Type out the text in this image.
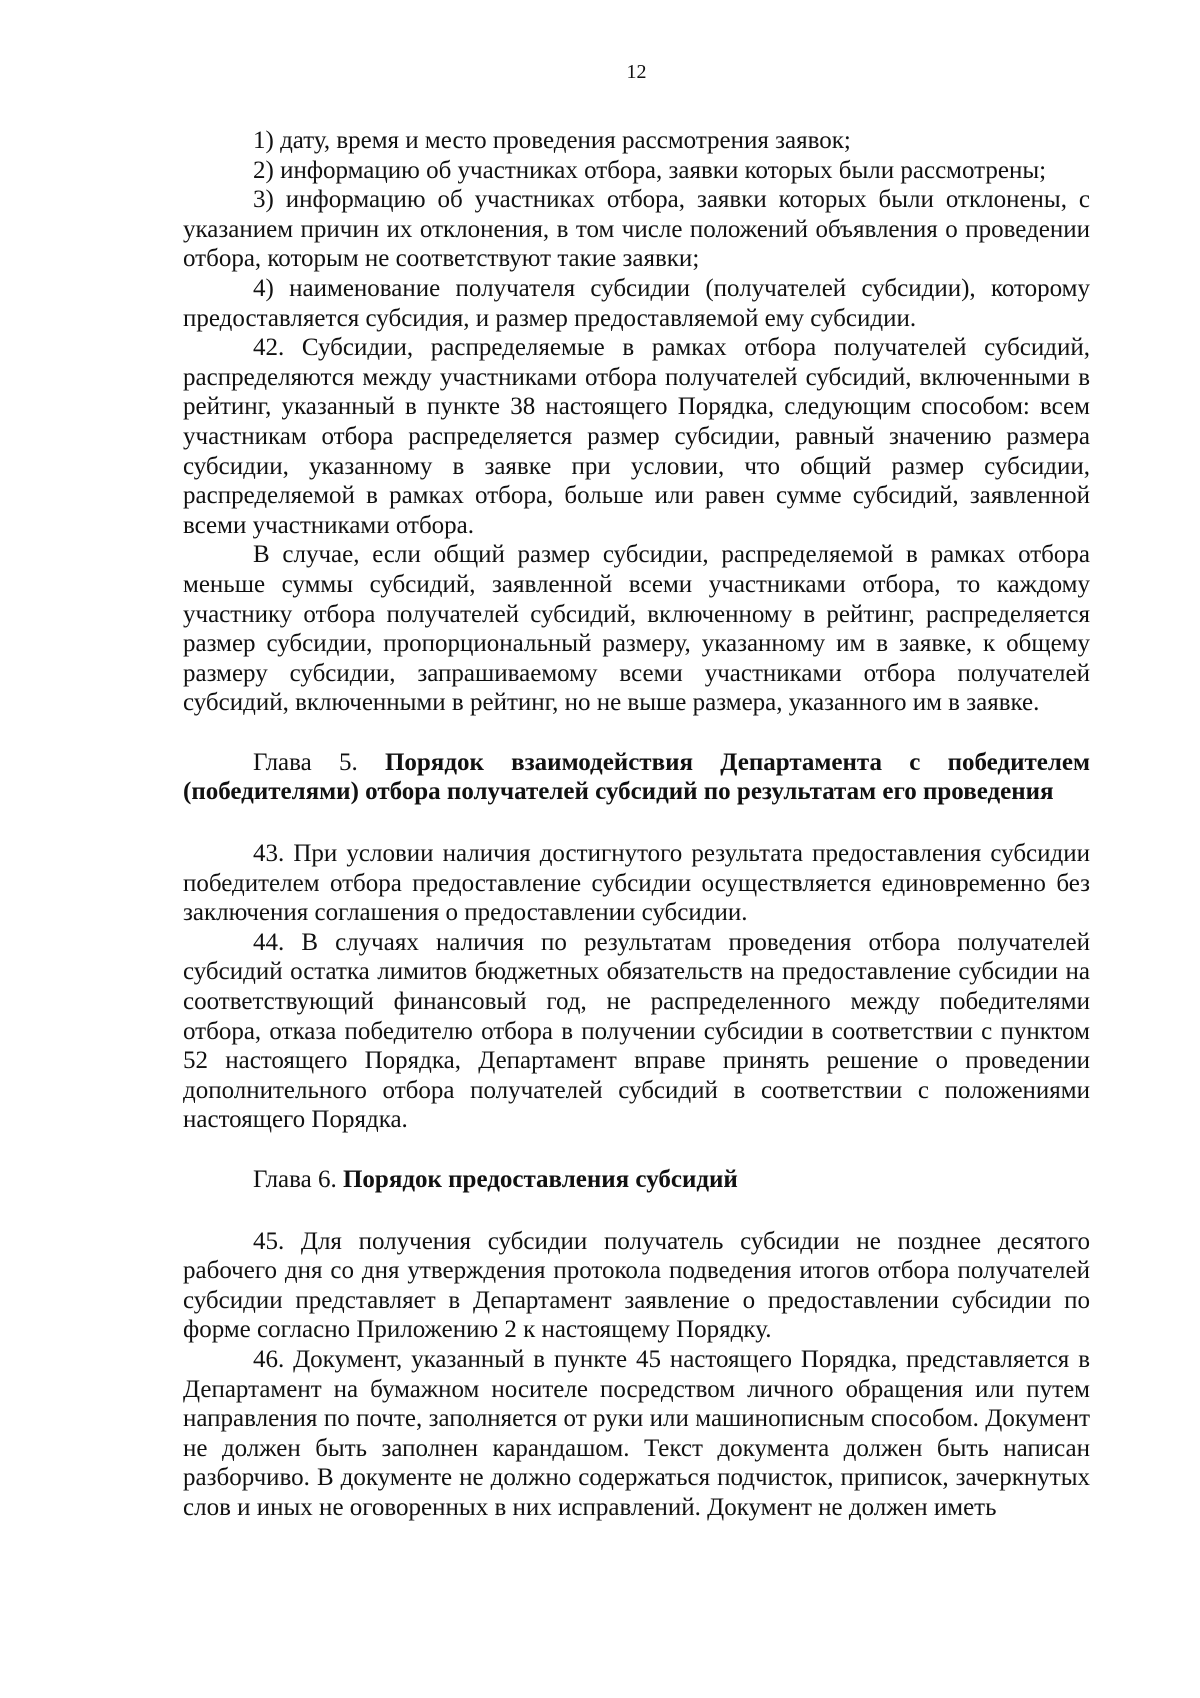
12

1) дату, время и место проведения рассмотрения заявок;

2) информацию об участниках отбора, заявки которых были рассмотрены;

3) информацию об участниках отбора, заявки которых были отклонены, с указанием причин их отклонения, в том числе положений объявления о проведении отбора, которым не соответствуют такие заявки;

4) наименование получателя субсидии (получателей субсидии), которому предоставляется субсидия, и размер предоставляемой ему субсидии.

42. Субсидии, распределяемые в рамках отбора получателей субсидий, распределяются между участниками отбора получателей субсидий, включенными в рейтинг, указанный в пункте 38 настоящего Порядка, следующим способом: всем участникам отбора распределяется размер субсидии, равный значению размера субсидии, указанному в заявке при условии, что общий размер субсидии, распределяемой в рамках отбора, больше или равен сумме субсидий, заявленной всеми участниками отбора.

В случае, если общий размер субсидии, распределяемой в рамках отбора меньше суммы субсидий, заявленной всеми участниками отбора, то каждому участнику отбора получателей субсидий, включенному в рейтинг, распределяется размер субсидии, пропорциональный размеру, указанному им в заявке, к общему размеру субсидии, запрашиваемому всеми участниками отбора получателей субсидий, включенными в рейтинг, но не выше размера, указанного им в заявке.

Глава 5. Порядок взаимодействия Департамента с победителем (победителями) отбора получателей субсидий по результатам его проведения

43. При условии наличия достигнутого результата предоставления субсидии победителем отбора предоставление субсидии осуществляется единовременно без заключения соглашения о предоставлении субсидии.

44. В случаях наличия по результатам проведения отбора получателей субсидий остатка лимитов бюджетных обязательств на предоставление субсидии на соответствующий финансовый год, не распределенного между победителями отбора, отказа победителю отбора в получении субсидии в соответствии с пунктом 52 настоящего Порядка, Департамент вправе принять решение о проведении дополнительного отбора получателей субсидий в соответствии с положениями настоящего Порядка.

Глава 6. Порядок предоставления субсидий

45. Для получения субсидии получатель субсидии не позднее десятого рабочего дня со дня утверждения протокола подведения итогов отбора получателей субсидии представляет в Департамент заявление о предоставлении субсидии по форме согласно Приложению 2 к настоящему Порядку.

46. Документ, указанный в пункте 45 настоящего Порядка, представляется в Департамент на бумажном носителе посредством личного обращения или путем направления по почте, заполняется от руки или машинописным способом. Документ не должен быть заполнен карандашом. Текст документа должен быть написан разборчиво. В документе не должно содержаться подчисток, приписок, зачеркнутых слов и иных не оговоренных в них исправлений. Документ не должен иметь
